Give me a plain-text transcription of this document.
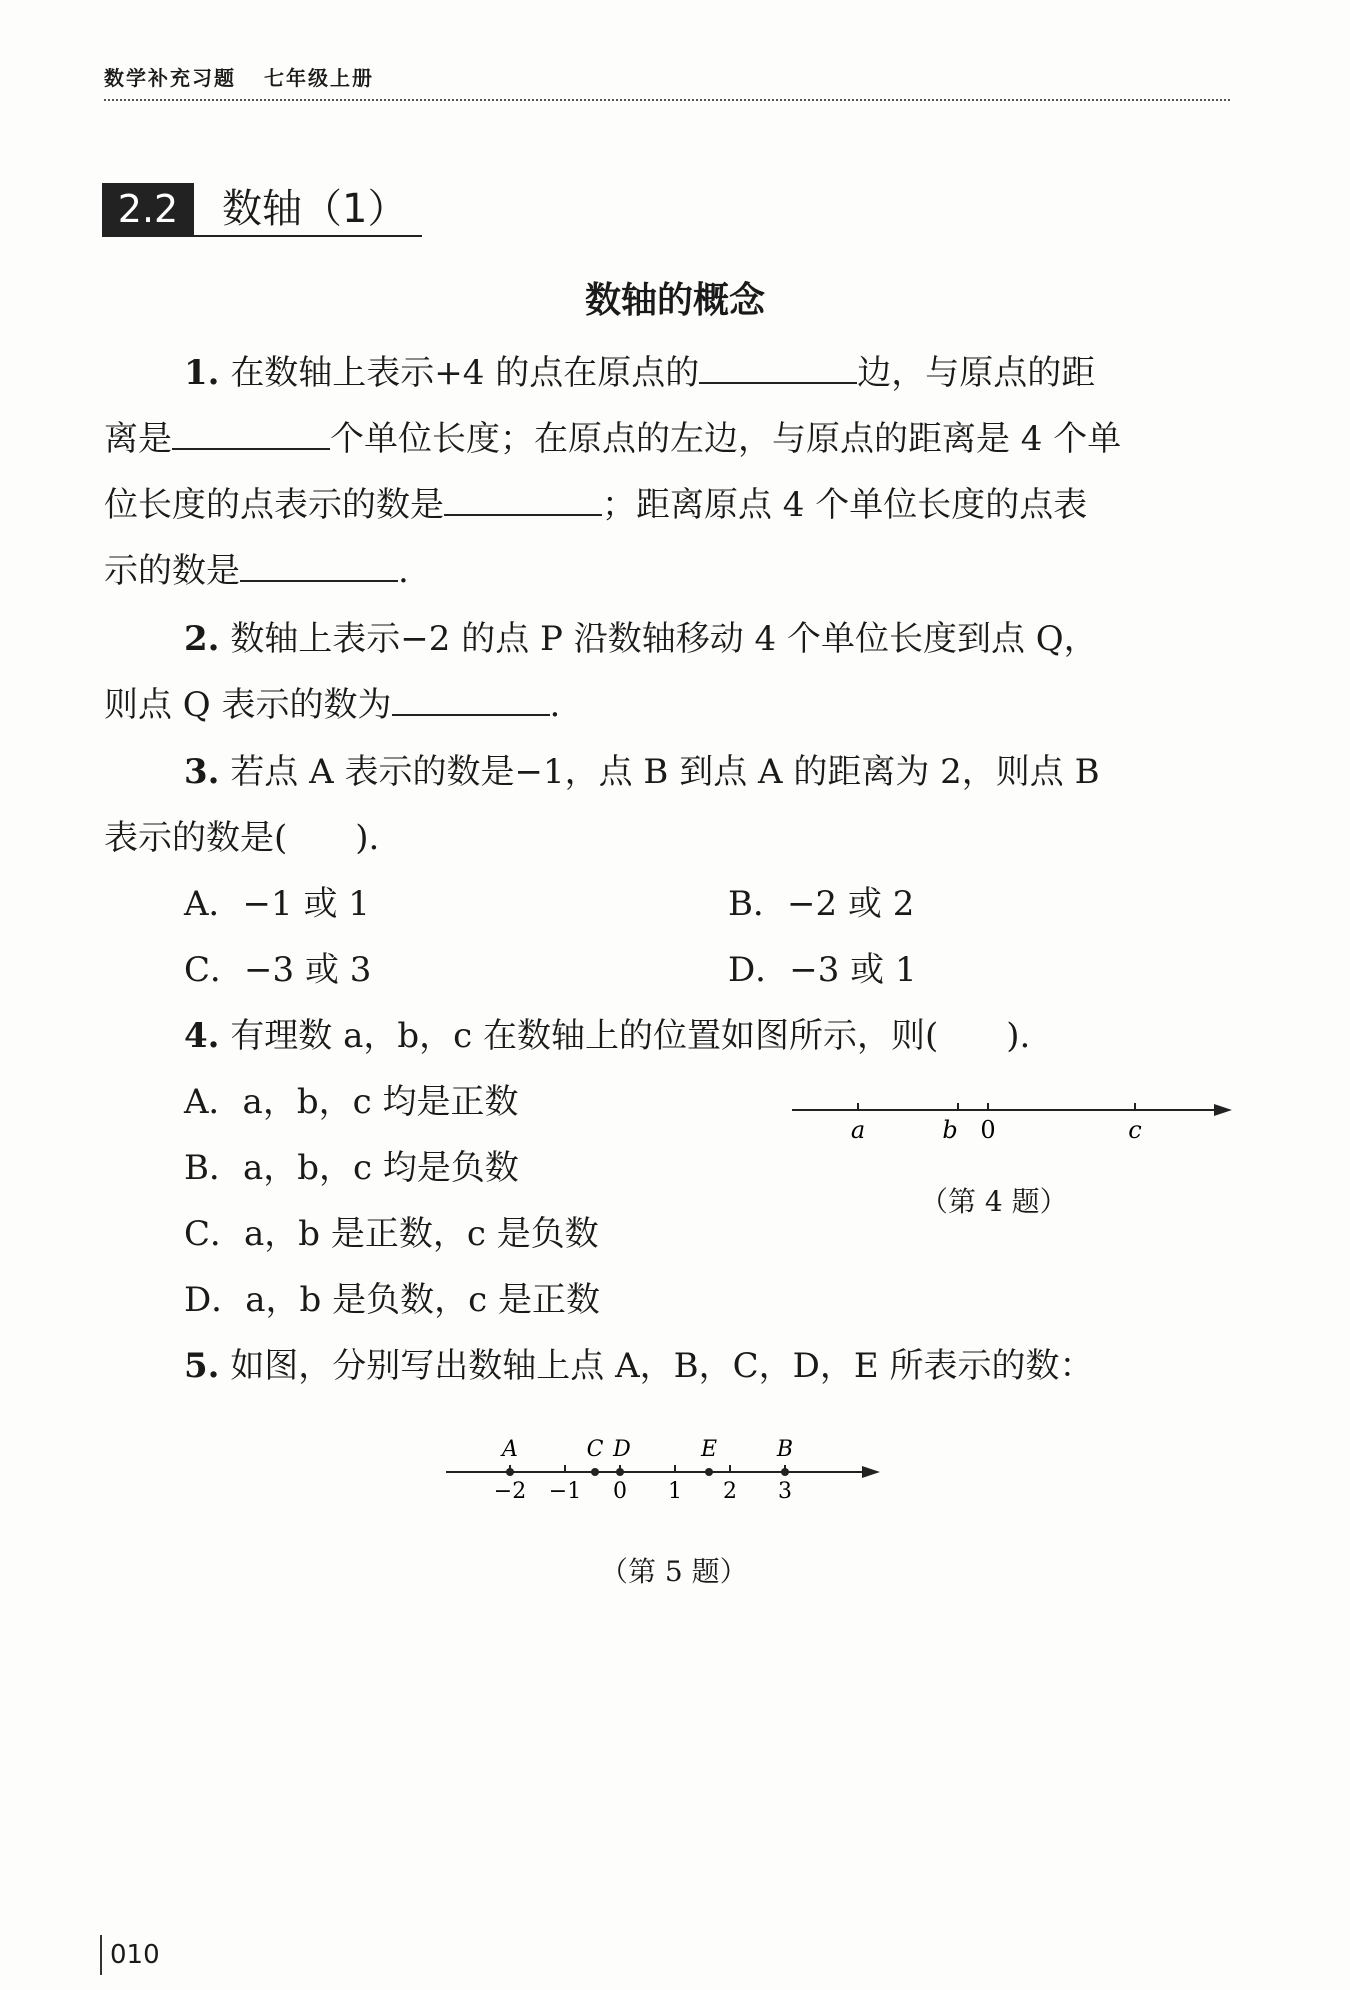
数学补充习题 七年级上册
2.2	数轴（1）
数轴的概念
1. 在数轴上表示+4 的点在原点的	边，与原点的距
离是	个单位长度；在原点的左边，与原点的距离是 4 个单
位长度的点表示的数是	；距离原点 4 个单位长度的点表
示的数是	.
2. 数轴上表示−2 的点 P 沿数轴移动 4 个单位长度到点 Q，
则点 Q 表示的数为	.
3. 若点 A 表示的数是−1，点 B 到点 A 的距离为 2，则点 B
表示的数是(　　).
A．−1 或 1	B．−2 或 2
C．−3 或 3	D．−3 或 1
4. 有理数 a，b，c 在数轴上的位置如图所示，则(　　).
A．a，b，c 均是正数
B．a，b，c 均是负数
C．a，b 是正数，c 是负数
D．a，b 是负数，c 是正数
a	b 0	c
（第 4 题）
5. 如图，分别写出数轴上点 A，B，C，D，E 所表示的数：
−2 −1 0 1 2 3
A	C D	E	B
（第 5 题）
010
